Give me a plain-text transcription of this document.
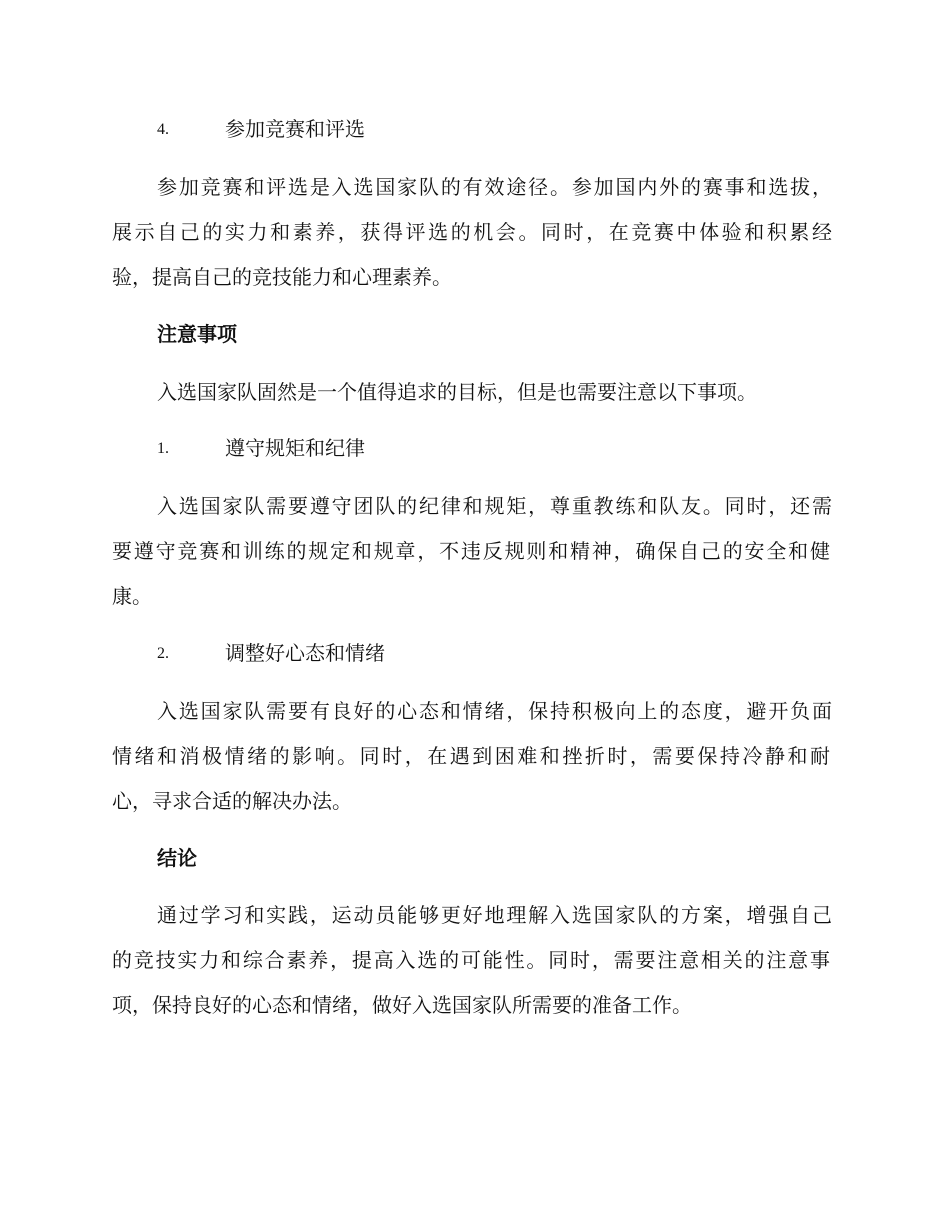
4.	参加竞赛和评选
参加竞赛和评选是入选国家队的有效途径。参加国内外的赛事和选拔，
展示自己的实力和素养，获得评选的机会。同时，在竞赛中体验和积累经
验，提高自己的竞技能力和心理素养。
注意事项
入选国家队固然是一个值得追求的目标，但是也需要注意以下事项。
1.	遵守规矩和纪律
入选国家队需要遵守团队的纪律和规矩，尊重教练和队友。同时，还需
要遵守竞赛和训练的规定和规章，不违反规则和精神，确保自己的安全和健
康。
2.	调整好心态和情绪
入选国家队需要有良好的心态和情绪，保持积极向上的态度，避开负面
情绪和消极情绪的影响。同时，在遇到困难和挫折时，需要保持冷静和耐
心，寻求合适的解决办法。
结论
通过学习和实践，运动员能够更好地理解入选国家队的方案，增强自己
的竞技实力和综合素养，提高入选的可能性。同时，需要注意相关的注意事
项，保持良好的心态和情绪，做好入选国家队所需要的准备工作。
